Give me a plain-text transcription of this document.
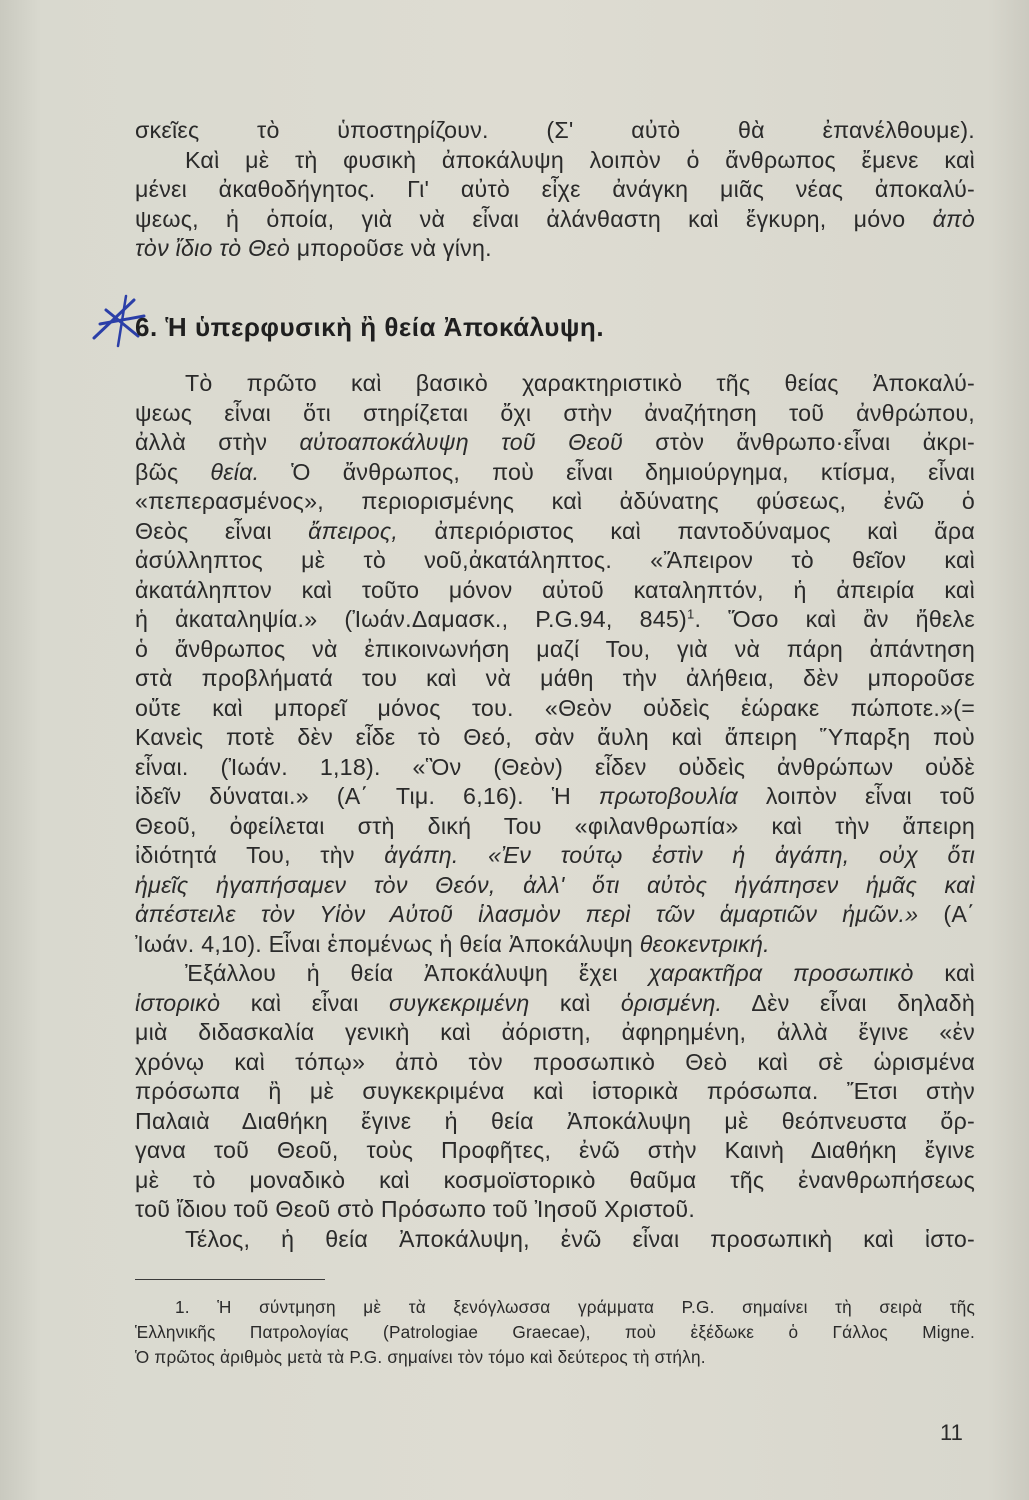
σκεῖες τὸ ὑποστηρίζουν. (Σ' αὐτὸ θὰ ἐπανέλθουμε).
Καὶ μὲ τὴ φυσικὴ ἀποκάλυψη λοιπὸν ὁ ἄνθρωπος ἔμενε καὶ
μένει ἀκαθοδήγητος. Γι' αὐτὸ εἶχε ἀνάγκη μιᾶς νέας ἀποκαλύ-
ψεως, ἡ ὁποία, γιὰ νὰ εἶναι ἀλάνθαστη καὶ ἔγκυρη, μόνο ἀπὸ
τὸν ἴδιο τὸ Θεὸ μποροῦσε νὰ γίνη.

6. Ἡ ὑπερφυσικὴ ἢ θεία Ἀποκάλυψη.

Τὸ πρῶτο καὶ βασικὸ χαρακτηριστικὸ τῆς θείας Ἀποκαλύ-
ψεως εἶναι ὅτι στηρίζεται ὄχι στὴν ἀναζήτηση τοῦ ἀνθρώπου,
ἀλλὰ στὴν αὐτοαποκάλυψη τοῦ Θεοῦ στὸν ἄνθρωπο·εἶναι ἀκρι-
βῶς θεία. Ὁ ἄνθρωπος, ποὺ εἶναι δημιούργημα, κτίσμα, εἶναι
«πεπερασμένος», περιορισμένης καὶ ἀδύνατης φύσεως, ἐνῶ ὁ
Θεὸς εἶναι ἄπειρος, ἀπεριόριστος καὶ παντοδύναμος καὶ ἄρα
ἀσύλληπτος μὲ τὸ νοῦ,ἀκατάληπτος. «Ἄπειρον τὸ θεῖον καὶ
ἀκατάληπτον καὶ τοῦτο μόνον αὐτοῦ καταληπτόν, ἡ ἀπειρία καὶ
ἡ ἀκαταληψία.» (Ἰωάν.Δαμασκ., P.G.94, 845)$^1$. Ὅσο καὶ ἂν ἤθελε
ὁ ἄνθρωπος νὰ ἐπικοινωνήση μαζί Του, γιὰ νὰ πάρη ἀπάντηση
στὰ προβλήματά του καὶ νὰ μάθη τὴν ἀλήθεια, δὲν μποροῦσε
οὔτε καὶ μπορεῖ μόνος του. «Θεὸν οὐδεὶς ἑώρακε πώποτε.»(=
Κανεὶς ποτὲ δὲν εἶδε τὸ Θεό, σὰν ἄυλη καὶ ἄπειρη Ὕπαρξη ποὺ
εἶναι. (Ἰωάν. 1,18). «Ὃν (Θεὸν) εἶδεν οὐδεὶς ἀνθρώπων οὐδὲ
ἰδεῖν δύναται.» (Α΄ Τιμ. 6,16). Ἡ πρωτοβουλία λοιπὸν εἶναι τοῦ
Θεοῦ, ὀφείλεται στὴ δική Του «φιλανθρωπία» καὶ τὴν ἄπειρη
ἰδιότητά Του, τὴν ἀγάπη. «Ἐν τούτῳ ἐστὶν ἡ ἀγάπη, οὐχ ὅτι
ἡμεῖς ἠγαπήσαμεν τὸν Θεόν, ἀλλ' ὅτι αὐτὸς ἠγάπησεν ἡμᾶς καὶ
ἀπέστειλε τὸν Υἱὸν Αὐτοῦ ἱλασμὸν περὶ τῶν ἁμαρτιῶν ἡμῶν.» (Α΄
Ἰωάν. 4,10). Εἶναι ἑπομένως ἡ θεία Ἀποκάλυψη θεοκεντρική.

Ἐξάλλου ἡ θεία Ἀποκάλυψη ἔχει χαρακτῆρα προσωπικὸ καὶ
ἱστορικὸ καὶ εἶναι συγκεκριμένη καὶ ὁρισμένη. Δὲν εἶναι δηλαδὴ
μιὰ διδασκαλία γενικὴ καὶ ἀόριστη, ἀφηρημένη, ἀλλὰ ἔγινε «ἐν
χρόνῳ καὶ τόπῳ» ἀπὸ τὸν προσωπικὸ Θεὸ καὶ σὲ ὡρισμένα
πρόσωπα ἢ μὲ συγκεκριμένα καὶ ἱστορικὰ πρόσωπα. Ἔτσι στὴν
Παλαιὰ Διαθήκη ἔγινε ἡ θεία Ἀποκάλυψη μὲ θεόπνευστα ὄρ-
γανα τοῦ Θεοῦ, τοὺς Προφῆτες, ἐνῶ στὴν Καινὴ Διαθήκη ἔγινε
μὲ τὸ μοναδικὸ καὶ κοσμοϊστορικὸ θαῦμα τῆς ἐνανθρωπήσεως
τοῦ ἴδιου τοῦ Θεοῦ στὸ Πρόσωπο τοῦ Ἰησοῦ Χριστοῦ.
Τέλος, ἡ θεία Ἀποκάλυψη, ἐνῶ εἶναι προσωπικὴ καὶ ἱστο-

1. Ἡ σύντμηση μὲ τὰ ξενόγλωσσα γράμματα P.G. σημαίνει τὴ σειρὰ τῆς
Ἑλληνικῆς Πατρολογίας (Patrologiae Graecae), ποὺ ἐξέδωκε ὁ Γάλλος Migne.
Ὁ πρῶτος ἀριθμὸς μετὰ τὰ P.G. σημαίνει τὸν τόμο καὶ δεύτερος τὴ στήλη.
11
